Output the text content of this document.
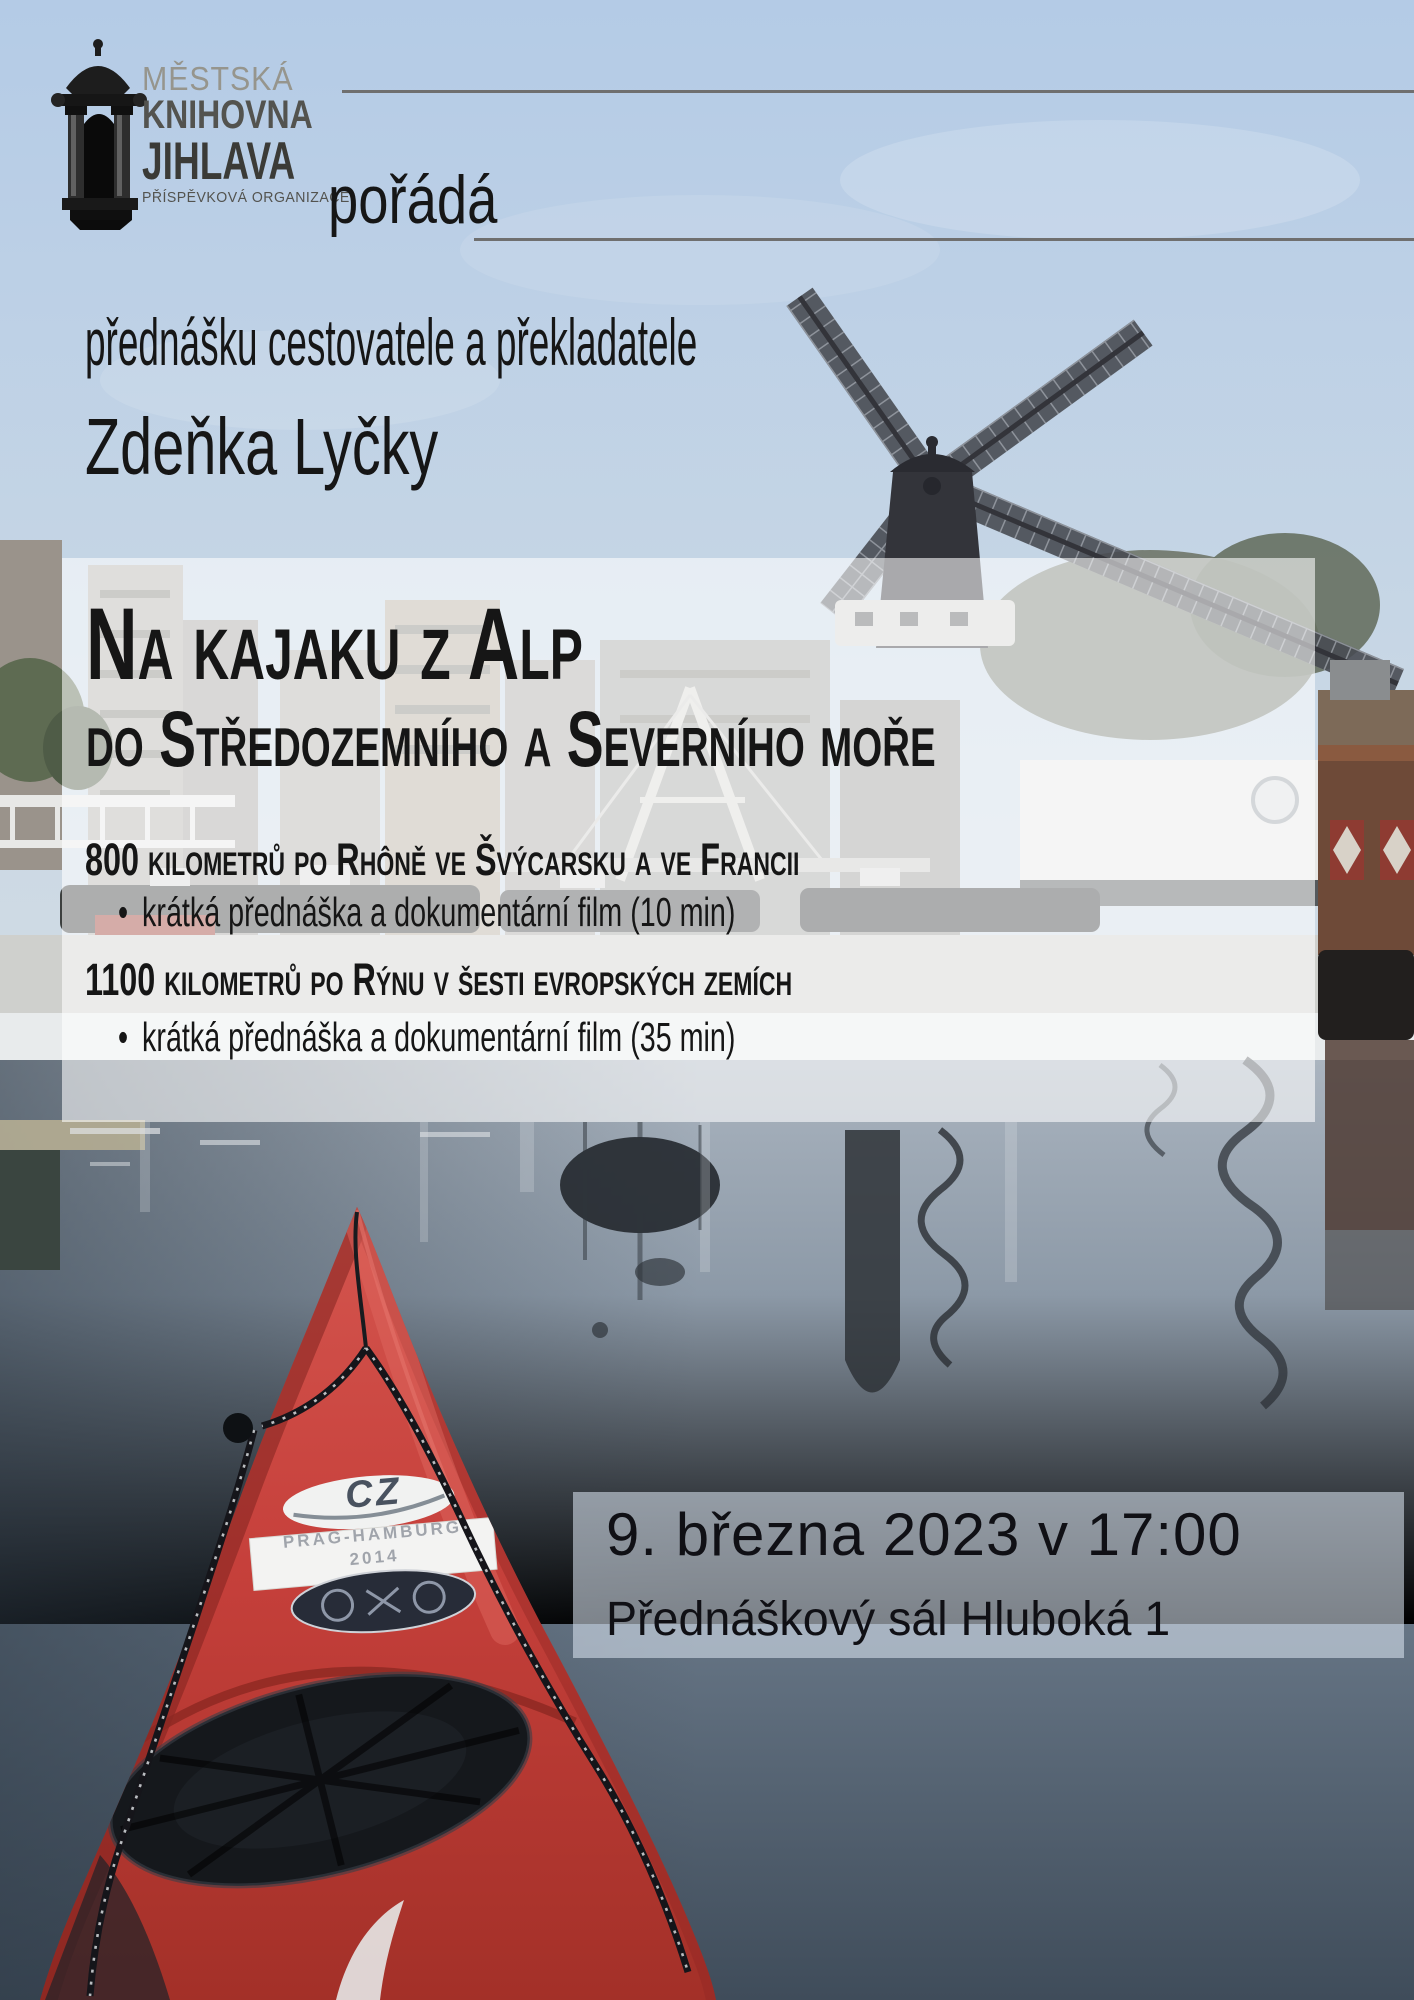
MĚSTSKÁ
KNIHOVNA
JIHLAVA
PŘÍSPĚVKOVÁ ORGANIZACE
pořádá
přednášku cestovatele a překladatele
Zdeňka Lyčky
Na kajaku z Alp
do Středozemního a Severního moře
800 kilometrů po Rhôně ve Švýcarsku a ve Francii
• krátká přednáška a dokumentární film (10 min)
1100 kilometrů po Rýnu v šesti evropských zemích
• krátká přednáška a dokumentární film (35 min)
9. března 2023 v 17:00
Přednáškový sál Hluboká 1
CZ
PRAG-HAMBURG
2014
